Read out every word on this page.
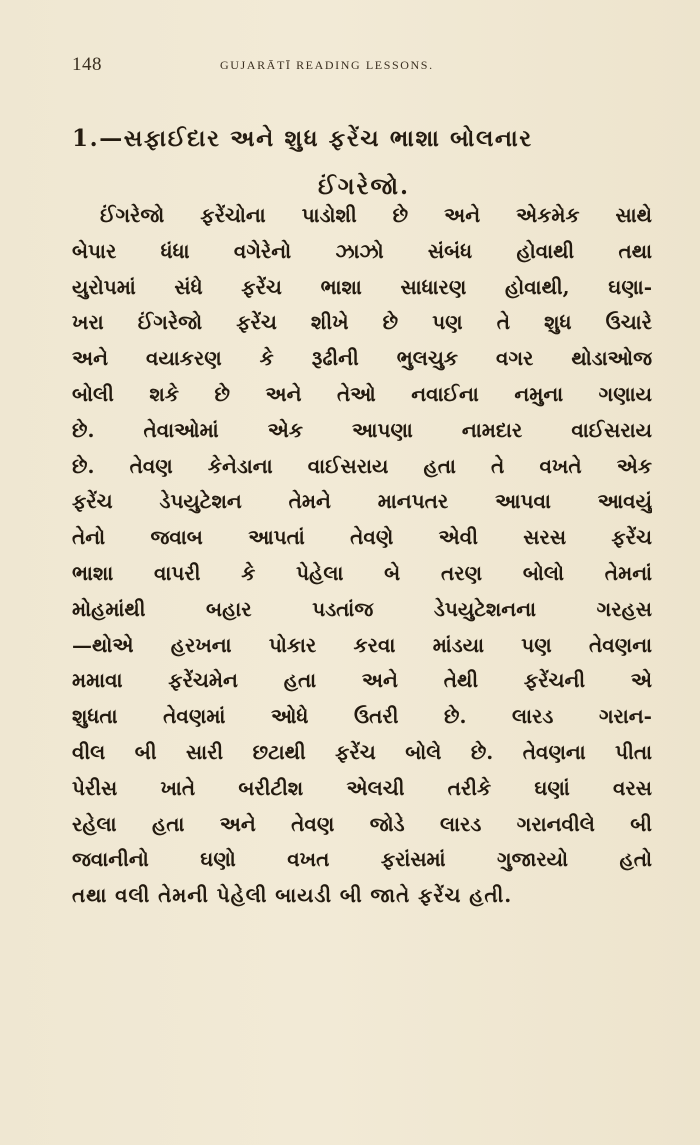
148	GUJARĀTĪ READING LESSONS.
1.—સફાઈદાર અને શુધ ફરેંચ ભાશા બોલનાર
ઈંગરેજો.
ઈંગરેજો ફરેંચોના પાડોશી છે અને એકમેક સાથે
બેપાર ધંધા વગેરેનો ઝાઝો સંબંધ હોવાથી તથા
યુરોપમાં સંધે ફરેંચ ભાશા સાધારણ હોવાથી, ઘણા-
ખરા ઈંગરેજો ફરેંચ શીખે છે પણ તે શુધ ઉચારે
અને વયાકરણ કે રૂઢીની ભુલચુક વગર થોડાઓજ
બોલી શકે છે અને તેઓ નવાઈના નમુના ગણાય
છે. તેવાઓમાં એક આપણા નામદાર વાઈસરાય
છે. તેવણ કેનેડાના વાઈસરાય હતા તે વખતે એક
ફરેંચ ડેપયુટેશન તેમને માનપતર આપવા આવયું
તેનો જવાબ આપતાં તેવણે એવી સરસ ફરેંચ
ભાશા વાપરી કે પેહેલા બે તરણ બોલો તેમનાં
મોહમાંથી બહાર પડતાંજ ડેપયુટેશનના ગરહસ
—થોએ હરખના પોકાર કરવા માંડયા પણ તેવણના
મમાવા ફરેંચમેન હતા અને તેથી ફરેંચની એ
શુધતા તેવણમાં ઓધે ઉતરી છે. લારડ ગરાન-
વીલ બી સારી છટાથી ફરેંચ બોલે છે. તેવણના પીતા
પેરીસ ખાતે બરીટીશ એલચી તરીકે ઘણાં વરસ
રહેલા હતા અને તેવણ જોડે લારડ ગરાનવીલે બી
જવાનીનો ઘણો વખત ફરાંસમાં ગુજારયો હતો
તથા વલી તેમની પેહેલી બાયડી બી જાતે ફરેંચ હતી.
